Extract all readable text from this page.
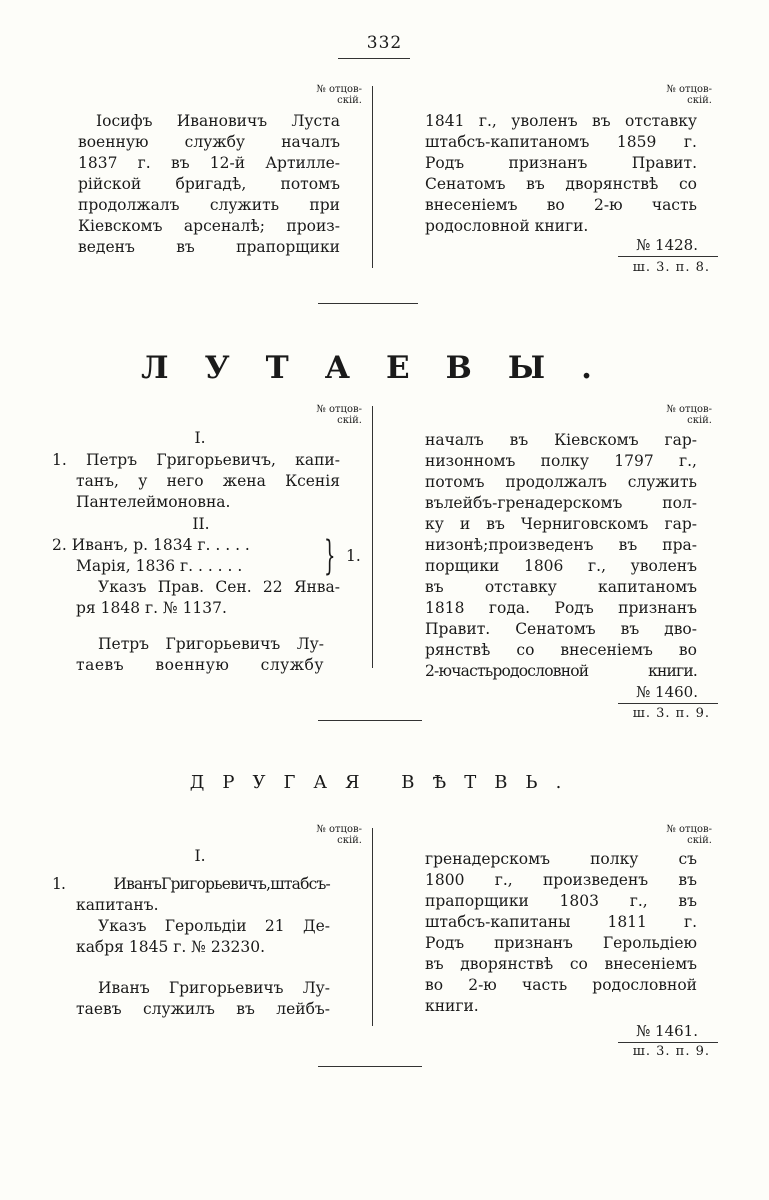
332
№ отцов-
скій.
№ отцов-
скій.
Іосифъ Ивановичъ Луста
военную службу началъ
1837 г. въ 12-й Артилле-
рійской бригадѣ, потомъ
продолжалъ служить при
Кіевскомъ арсеналѣ; произ-
веденъ въ прапорщики
1841 г., уволенъ въ отставку
штабсъ-капитаномъ 1859 г.
Родъ признанъ Правит.
Сенатомъ въ дворянствѣ со
внесеніемъ во 2-ю часть
родословной книги.
№ 1428.
ш. 3. п. 8.
ЛУТАЕВЫ.
№ отцов-
скій.
№ отцов-
скій.
I.
1. Петръ Григорьевичъ, капи-
танъ, у него жена Ксенія
Пантелеймоновна.
II.
2. Иванъ, р. 1834 г. . . . .
Марія, 1836 г. . . . . .	} 1.
Указъ Прав. Сен. 22 Янва-
ря 1848 г. № 1137.
Петръ Григорьевичъ Лу-
таевъ военную службу
началъ въ Кіевскомъ гар-
низонномъ полку 1797 г.,
потомъ продолжалъ служить
вълейбъ-гренадерскомъ пол-
ку и въ Черниговскомъ гар-
низонѣ;произведенъ въ пра-
порщики 1806 г., уволенъ
въ отставку капитаномъ
1818 года. Родъ признанъ
Правит. Сенатомъ въ дво-
рянствѣ со внесеніемъ во
2-ючастьродословной книги.
№ 1460.
ш. 3. п. 9.
ДРУГАЯ ВѢТВЬ.
№ отцов-
скій.
№ отцов-
скій.
I.
1. ИванъГригорьевичъ,штабсъ-
капитанъ.
Указъ Герольдіи 21 Де-
кабря 1845 г. № 23230.
Иванъ Григорьевичъ Лу-
таевъ служилъ въ лейбъ-
гренадерскомъ полку съ
1800 г., произведенъ въ
прапорщики 1803 г., въ
штабсъ-капитаны 1811 г.
Родъ признанъ Герольдіею
въ дворянствѣ со внесеніемъ
во 2-ю часть родословной
книги.
№ 1461.
ш. 3. п. 9.
